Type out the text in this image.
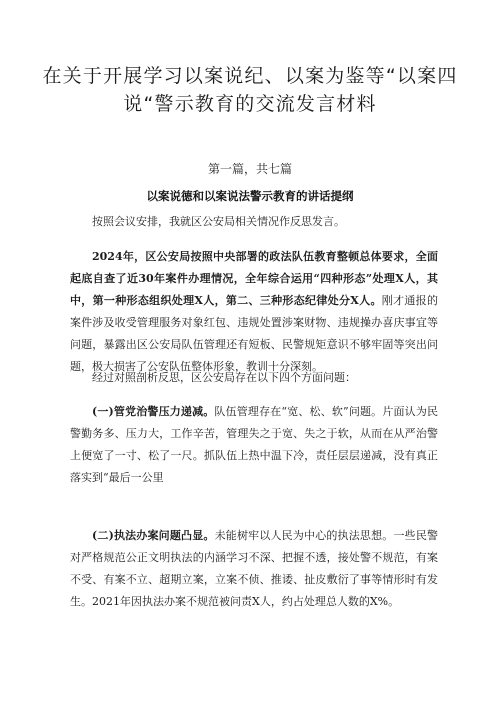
在关于开展学习以案说纪、以案为鉴等“以案四说“警示教育的交流发言材料
第一篇，共七篇
以案说德和以案说法警示教育的讲话提纲
按照会议安排，我就区公安局相关情况作反思发言。
2024年，区公安局按照中央部署的政法队伍教育整顿总体要求，全面起底自查了近30年案件办理情况，全年综合运用“四种形态”处理X人，其中，第一种形态组织处理X人，第二、三种形态纪律处分X人。刚才通报的案件涉及收受管理服务对象红包、违规处置涉案财物、违规操办喜庆事宜等问题，暴露出区公安局队伍管理还有短板、民警规矩意识不够牢固等突出问题，极大损害了公安队伍整体形象，教训十分深刻。
经过对照剖析反思，区公安局存在以下四个方面问题：
(一)管党治警压力递减。队伍管理存在“宽、松、软”问题。片面认为民警勤务多、压力大，工作辛苦，管理失之于宽、失之于软，从而在从严治警上便宽了一寸、松了一尺。抓队伍上热中温下冷，责任层层递减，没有真正落实到“最后一公里
(二)执法办案问题凸显。未能树牢以人民为中心的执法思想。一些民警对严格规范公正文明执法的内涵学习不深、把握不透，接处警不规范，有案不受、有案不立、超期立案，立案不侦、推诿、扯皮敷衍了事等情形时有发生。2021年因执法办案不规范被问责X人，约占处理总人数的X%。
